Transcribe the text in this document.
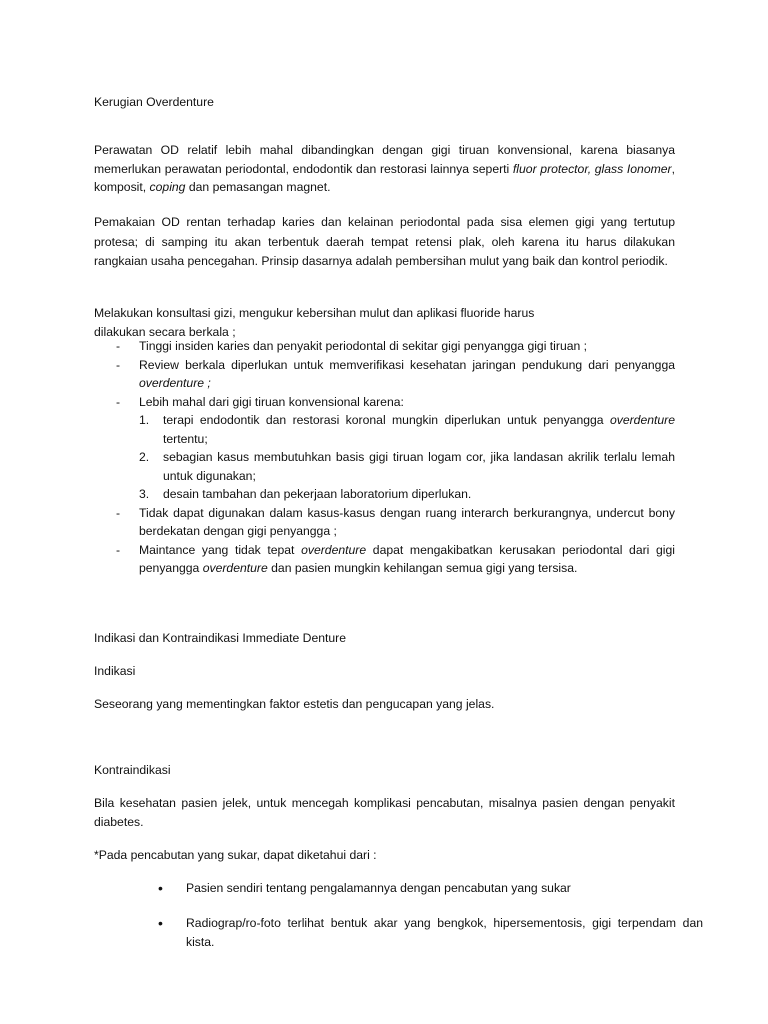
Kerugian Overdenture

Perawatan OD relatif lebih mahal dibandingkan dengan gigi tiruan konvensional, karena biasanya memerlukan perawatan periodontal, endodontik dan restorasi lainnya seperti fluor protector, glass Ionomer, komposit, coping dan pemasangan magnet.

Pemakaian OD rentan terhadap karies dan kelainan periodontal pada sisa elemen gigi yang tertutup protesa; di samping itu akan terbentuk daerah tempat retensi plak, oleh karena itu harus dilakukan rangkaian usaha pencegahan. Prinsip dasarnya adalah pembersihan mulut yang baik dan kontrol periodik.

Melakukan konsultasi gizi, mengukur kebersihan mulut dan aplikasi fluoride harus
dilakukan secara berkala ;

- Tinggi insiden karies dan penyakit periodontal di sekitar gigi penyangga gigi tiruan ;
- Review berkala diperlukan untuk memverifikasi kesehatan jaringan pendukung dari penyangga overdenture ;
- Lebih mahal dari gigi tiruan konvensional karena:
1. terapi endodontik dan restorasi koronal mungkin diperlukan untuk penyangga overdenture tertentu;
2. sebagian kasus membutuhkan basis gigi tiruan logam cor, jika landasan akrilik terlalu lemah untuk digunakan;
3. desain tambahan dan pekerjaan laboratorium diperlukan.
- Tidak dapat digunakan dalam kasus-kasus dengan ruang interarch berkurangnya, undercut bony berdekatan dengan gigi penyangga ;
- Maintance yang tidak tepat overdenture dapat mengakibatkan kerusakan periodontal dari gigi penyangga overdenture dan pasien mungkin kehilangan semua gigi yang tersisa.

Indikasi dan Kontraindikasi Immediate Denture

Indikasi

Seseorang yang mementingkan faktor estetis dan pengucapan yang jelas.

Kontraindikasi

Bila kesehatan pasien jelek, untuk mencegah komplikasi pencabutan, misalnya pasien dengan penyakit diabetes.

*Pada pencabutan yang sukar, dapat diketahui dari :

• Pasien sendiri tentang pengalamannya dengan pencabutan yang sukar
• Radiograp/ro-foto terlihat bentuk akar yang bengkok, hipersementosis, gigi terpendam dan kista.
